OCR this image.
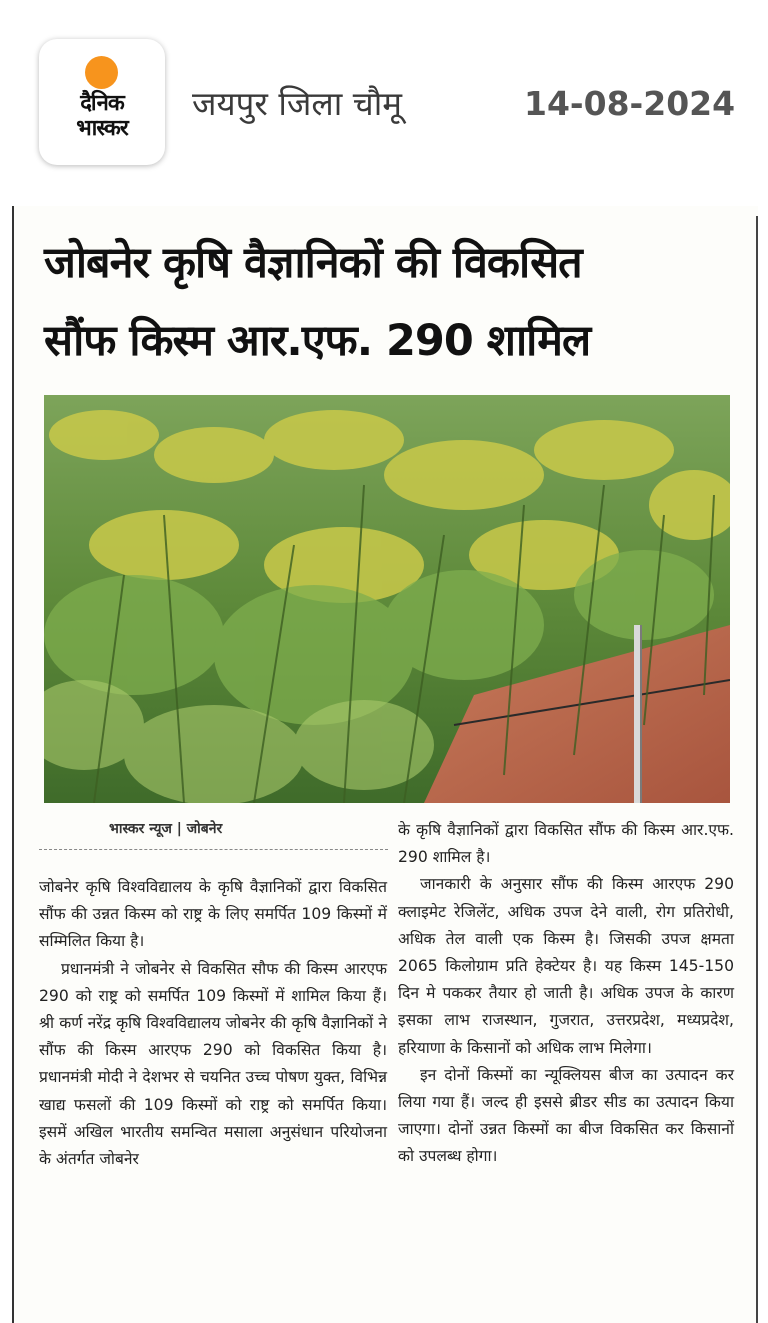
दैनिक
भास्कर
जयपुर जिला चौमू	14-08-2024
जोबनेर कृषि वैज्ञानिकों की विकसित
सौंफ किस्म आर.एफ. 290 शामिल
भास्कर न्यूज | जोबनेर

जोबनेर कृषि विश्वविद्यालय के कृषि वैज्ञानिकों द्वारा विकसित सौंफ की उन्नत किस्म को राष्ट्र के लिए समर्पित 109 किस्मों में सम्मिलित किया है।

प्रधानमंत्री ने जोबनेर से विकसित सौफ की किस्म आरएफ 290 को राष्ट्र को समर्पित 109 किस्मों में शामिल किया हैं। श्री कर्ण नरेंद्र कृषि विश्वविद्यालय जोबनेर की कृषि वैज्ञानिकों ने सौंफ की किस्म आरएफ 290 को विकसित किया है। प्रधानमंत्री मोदी ने देशभर से चयनित उच्च पोषण युक्त, विभिन्न खाद्य फसलों की 109 किस्मों को राष्ट्र को समर्पित किया। इसमें अखिल भारतीय समन्वित मसाला अनुसंधान परियोजना के अंतर्गत जोबनेर

के कृषि वैज्ञानिकों द्वारा विकसित सौंफ की किस्म आर.एफ. 290 शामिल है।

जानकारी के अनुसार सौंफ की किस्म आरएफ 290 क्लाइमेट रेजिलेंट, अधिक उपज देने वाली, रोग प्रतिरोधी, अधिक तेल वाली एक किस्म है। जिसकी उपज क्षमता 2065 किलोग्राम प्रति हेक्टेयर है। यह किस्म 145-150 दिन मे पककर तैयार हो जाती है। अधिक उपज के कारण इसका लाभ राजस्थान, गुजरात, उत्तरप्रदेश, मध्यप्रदेश, हरियाणा के किसानों को अधिक लाभ मिलेगा।

इन दोनों किस्मों का न्यूक्लियस बीज का उत्पादन कर लिया गया हैं। जल्द ही इससे ब्रीडर सीड का उत्पादन किया जाएगा। दोनों उन्नत किस्मों का बीज विकसित कर किसानों को उपलब्ध होगा।
